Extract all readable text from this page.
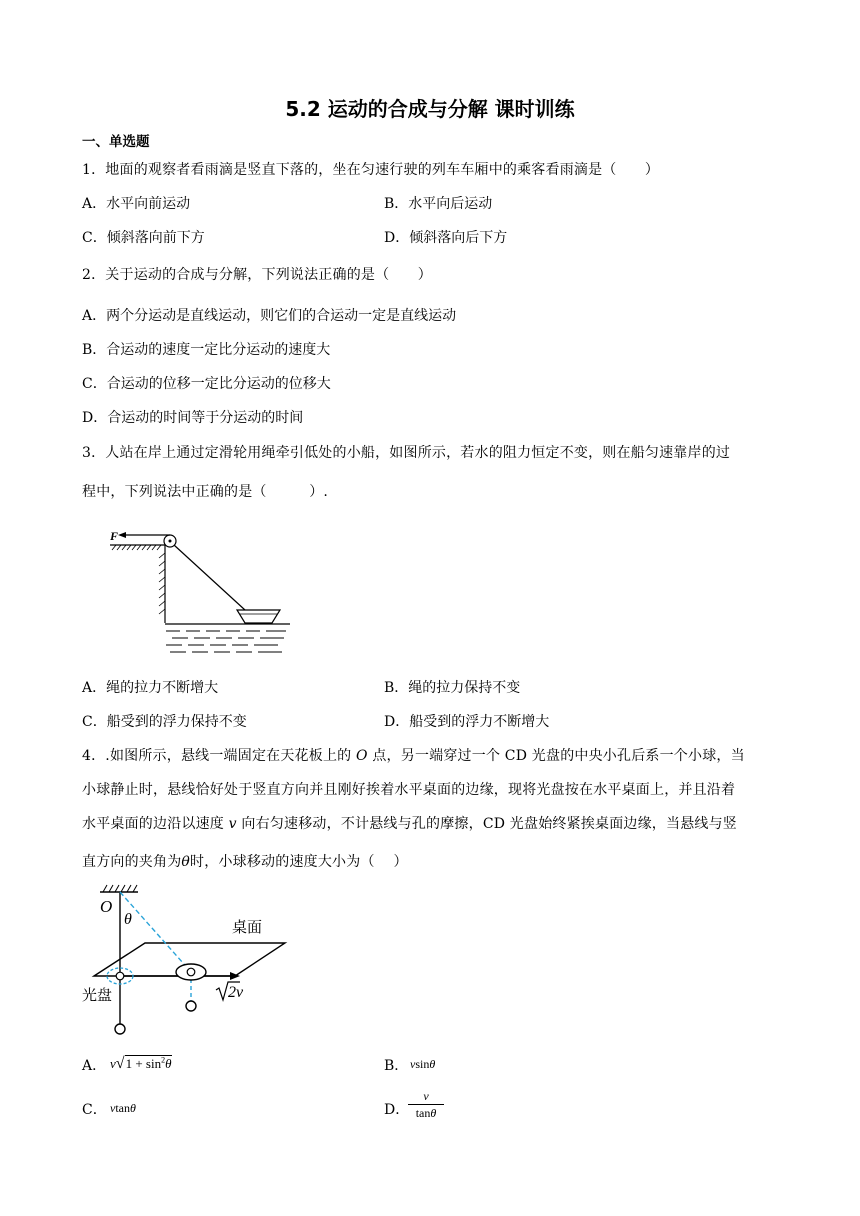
5.2 运动的合成与分解 课时训练
一、单选题
1．地面的观察者看雨滴是竖直下落的，坐在匀速行驶的列车车厢中的乘客看雨滴是（　　）
A．水平向前运动	B．水平向后运动
C．倾斜落向前下方	D．倾斜落向后下方
2．关于运动的合成与分解，下列说法正确的是（　　）
A．两个分运动是直线运动，则它们的合运动一定是直线运动
B．合运动的速度一定比分运动的速度大
C．合运动的位移一定比分运动的位移大
D．合运动的时间等于分运动的时间
3．人站在岸上通过定滑轮用绳牵引低处的小船，如图所示，若水的阻力恒定不变，则在船匀速靠岸的过
程中，下列说法中正确的是（　　　）.
F
A．绳的拉力不断增大	B．绳的拉力保持不变
C．船受到的浮力保持不变	D．船受到的浮力不断增大
4．.如图所示，悬线一端固定在天花板上的 O 点，另一端穿过一个 CD 光盘的中央小孔后系一个小球，当
小球静止时，悬线恰好处于竖直方向并且刚好挨着水平桌面的边缘，现将光盘按在水平桌面上，并且沿着
水平桌面的边沿以速度 v 向右匀速移动，不计悬线与孔的摩擦，CD 光盘始终紧挨桌面边缘，当悬线与竖
直方向的夹角为θ时，小球移动的速度大小为（　 ）
O
θ	桌面
光盘	2v
A． $v√1 + \sin^2\theta$	B． vsinθ
C． vtanθ	D．
v
tanθ
